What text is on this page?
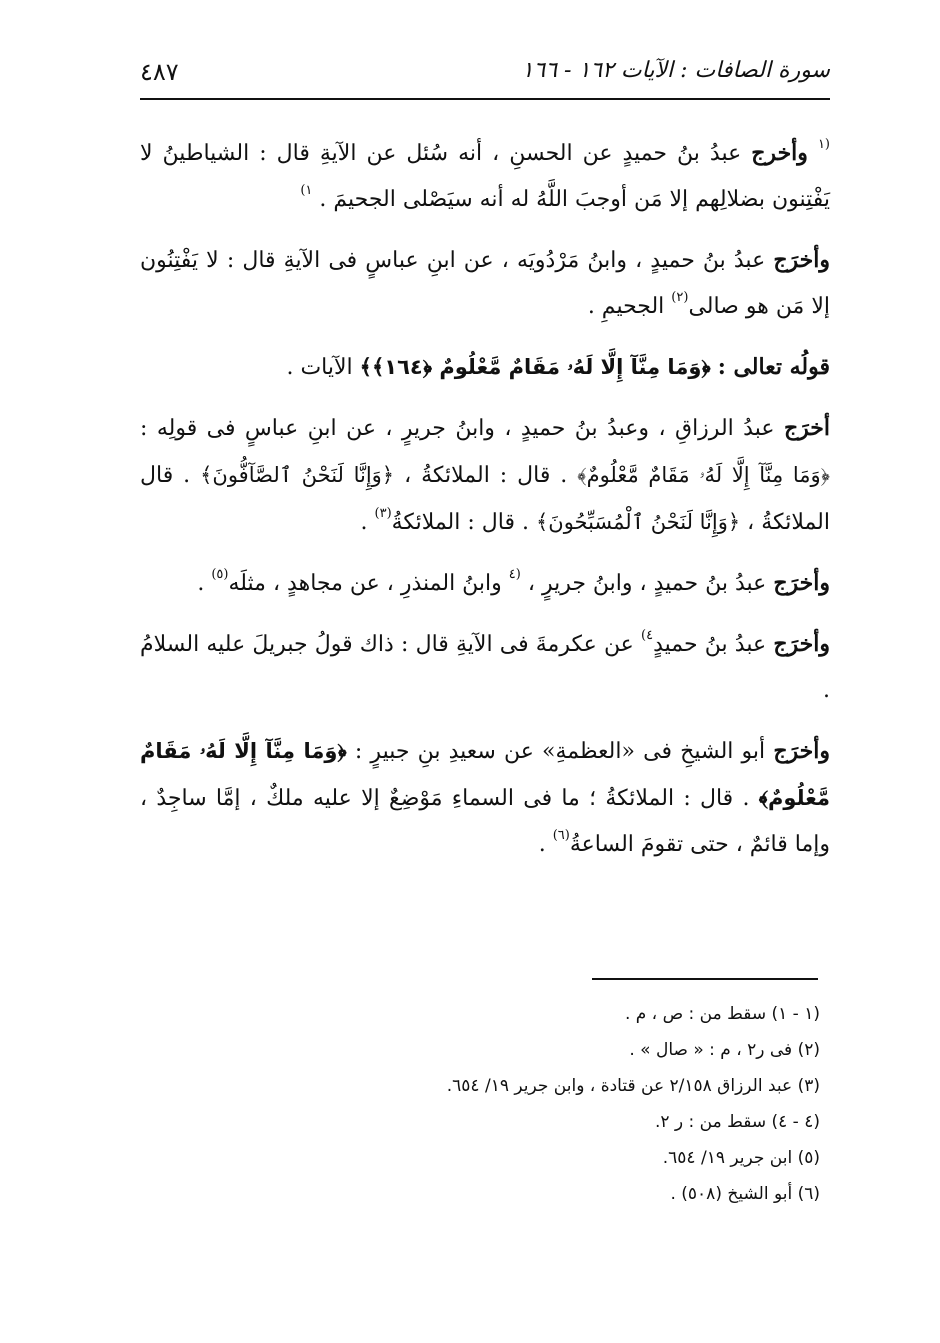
سورة الصافات : الآيات ١٦٢ - ١٦٦
٤٨٧

$^{(١}$ وأخرج عبدُ بنُ حميدٍ عن الحسنِ ، أنه سُئل عن الآيةِ قال : الشياطينُ لا يَفْتِنون بضلالِهم إلا مَن أوجبَ اللَّهُ له أنه سيَصْلى الجحيمَ . $^{١)}$

وأخرَج عبدُ بنُ حميدٍ ، وابنُ مَرْدُويَه ، عن ابنِ عباسٍ فى الآيةِ قال : لا يَفْتِنُون إلا مَن هو صالى$^{(٢)}$ الجحيمِ .

قولُه تعالى : ﴿وَمَا مِنَّآ إِلَّا لَهُۥ مَقَامٌ مَّعْلُومٌ ﴿١٦٤﴾﴾ الآيات .

أخرَج عبدُ الرزاقِ ، وعبدُ بنُ حميدٍ ، وابنُ جريرٍ ، عن ابنِ عباسٍ فى قولِه : ﴿وَمَا مِنَّآ إِلَّا لَهُۥ مَقَامٌ مَّعْلُومٌ﴾ . قال : الملائكةُ ، ﴿وَإِنَّا لَنَحْنُ ٱلصَّآفُّونَ﴾ . قال الملائكةُ ، ﴿وَإِنَّا لَنَحْنُ ٱلْمُسَبِّحُونَ﴾ . قال : الملائكةُ$^{(٣)}$ .

وأخرَج عبدُ بنُ حميدٍ ، وابنُ جريرٍ ، $^{(٤}$ وابنُ المنذرِ ، عن مجاهدٍ ، مثلَه$^{(٥)}$ .

وأخرَج عبدُ بنُ حميدٍ$^{٤)}$ عن عكرمةَ فى الآيةِ قال : ذاك قولُ جبريلَ عليه السلامُ .

وأخرَج أبو الشيخِ فى «العظمةِ» عن سعيدِ بنِ جبيرٍ : ﴿وَمَا مِنَّآ إِلَّا لَهُۥ مَقَامٌ مَّعْلُومٌ﴾ . قال : الملائكةُ ؛ ما فى السماءِ مَوْضِعٌ إلا عليه ملكٌ ، إمَّا ساجِدٌ ، وإما قائمٌ ، حتى تقومَ الساعةُ$^{(٦)}$ .

(١ - ١) سقط من : ص ، م .

(٢) فى ر٢ ، م : « صال » .

(٣) عبد الرزاق ٢/١٥٨ عن قتادة ، وابن جرير ١٩/ ٦٥٤.

(٤ - ٤) سقط من : ر ٢.

(٥) ابن جرير ١٩/ ٦٥٤.

(٦) أبو الشيخ (٥٠٨) .
